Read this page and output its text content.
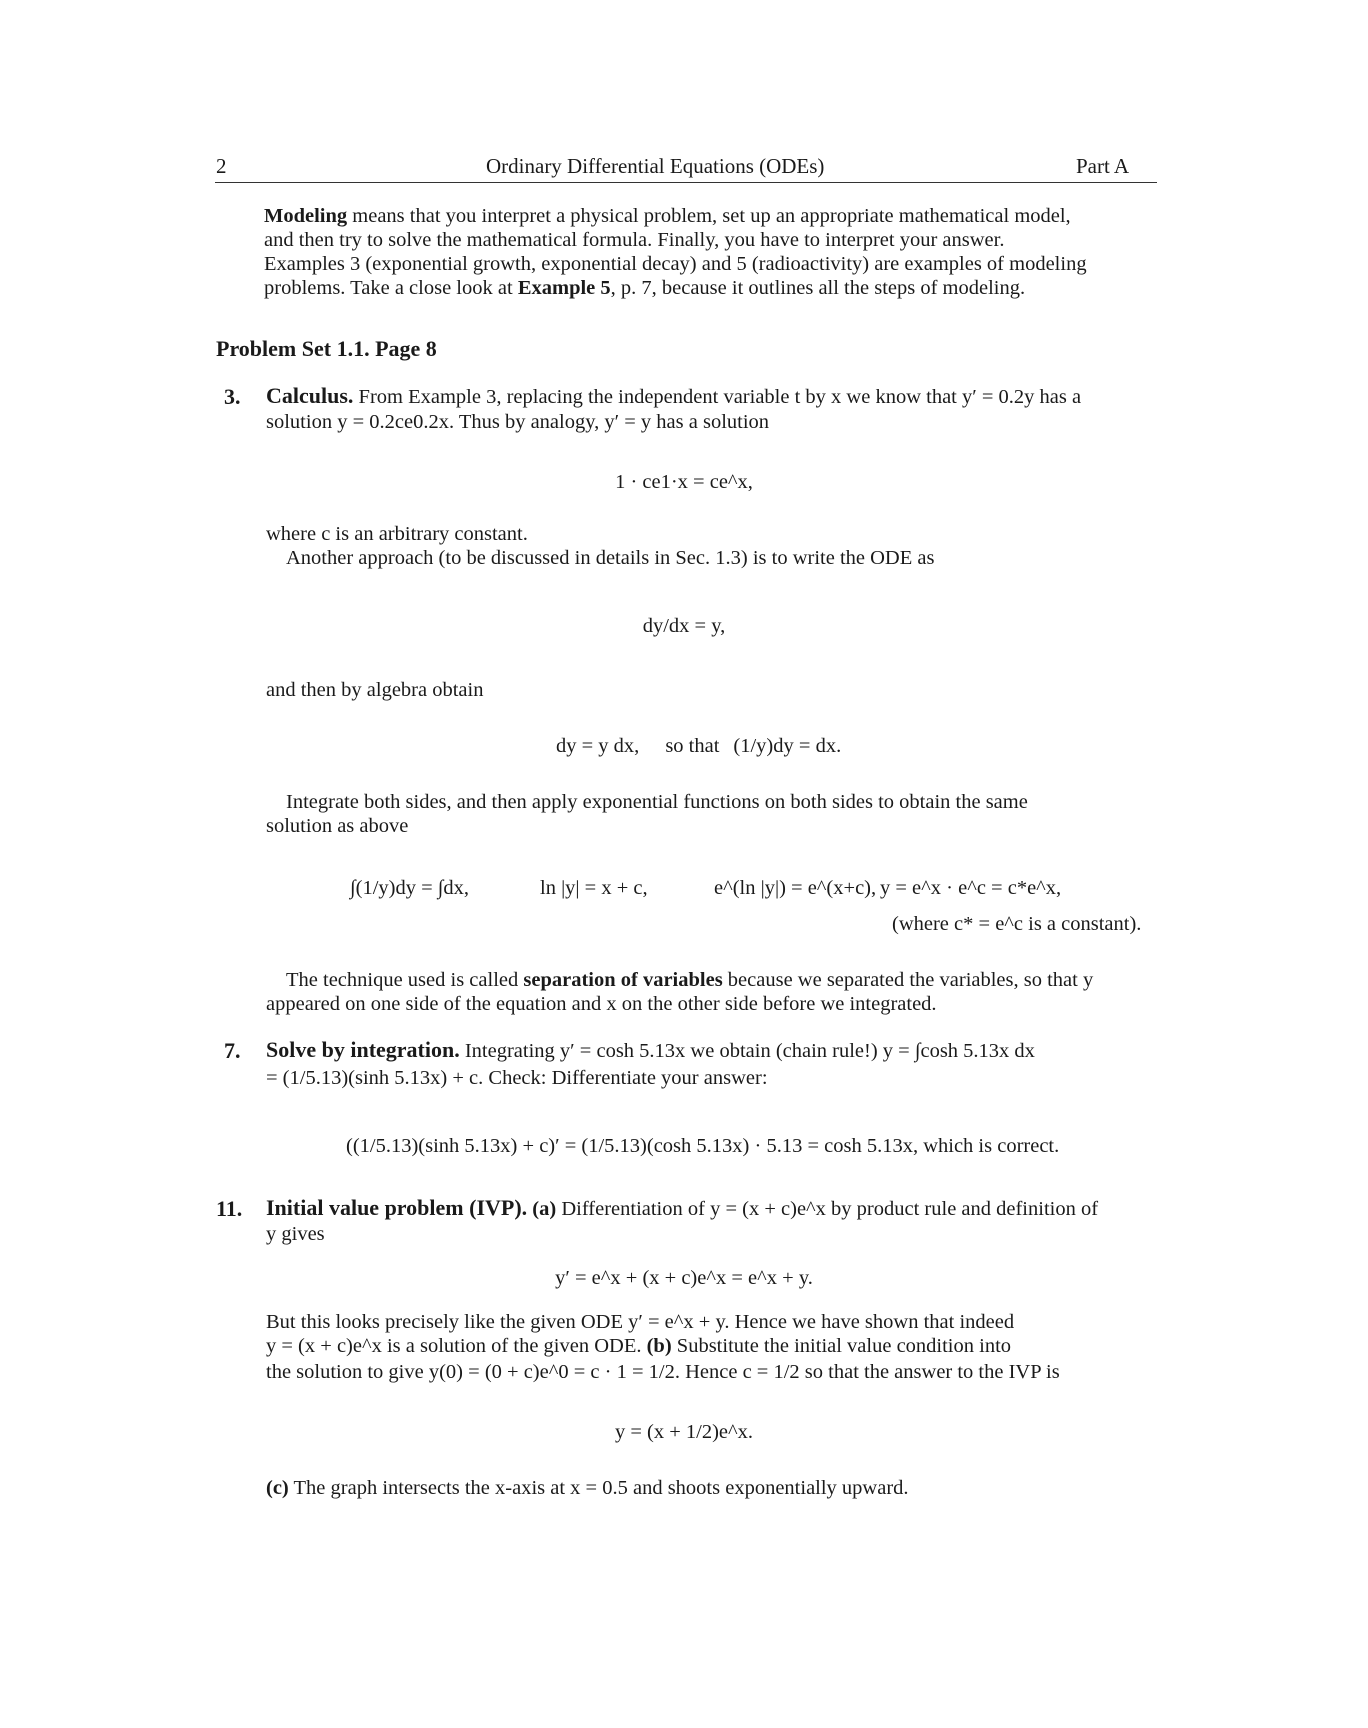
2	Ordinary Differential Equations (ODEs)	Part A
Modeling means that you interpret a physical problem, set up an appropriate mathematical model,
and then try to solve the mathematical formula. Finally, you have to interpret your answer.
Examples 3 (exponential growth, exponential decay) and 5 (radioactivity) are examples of modeling
problems. Take a close look at Example 5, p. 7, because it outlines all the steps of modeling.
Problem Set 1.1. Page 8
3. Calculus. From Example 3, replacing the independent variable t by x we know that y′ = 0.2y has a
solution y = 0.2ce0.2x. Thus by analogy, y′ = y has a solution
1 · ce1·x = ce^x,
where c is an arbitrary constant.
Another approach (to be discussed in details in Sec. 1.3) is to write the ODE as
dy/dx = y,
and then by algebra obtain
dy = y dx, so that (1/y)dy = dx.
Integrate both sides, and then apply exponential functions on both sides to obtain the same
solution as above
∫(1/y)dy = ∫dx,	ln |y| = x + c,	e^(ln |y|) = e^(x+c), y = e^x · e^c = c*e^x,
(where c* = e^c is a constant).
The technique used is called separation of variables because we separated the variables, so that y
appeared on one side of the equation and x on the other side before we integrated.
7. Solve by integration. Integrating y′ = cosh 5.13x we obtain (chain rule!) y = ∫cosh 5.13x dx
= (1/5.13)(sinh 5.13x) + c. Check: Differentiate your answer:
((1/5.13)(sinh 5.13x) + c)′ = (1/5.13)(cosh 5.13x) · 5.13 = cosh 5.13x, which is correct.
11. Initial value problem (IVP). (a) Differentiation of y = (x + c)e^x by product rule and definition of
y gives
y′ = e^x + (x + c)e^x = e^x + y.
But this looks precisely like the given ODE y′ = e^x + y. Hence we have shown that indeed
y = (x + c)e^x is a solution of the given ODE. (b) Substitute the initial value condition into
the solution to give y(0) = (0 + c)e^0 = c · 1 = 1/2. Hence c = 1/2 so that the answer to the IVP is
y = (x + 1/2)e^x.
(c) The graph intersects the x-axis at x = 0.5 and shoots exponentially upward.
